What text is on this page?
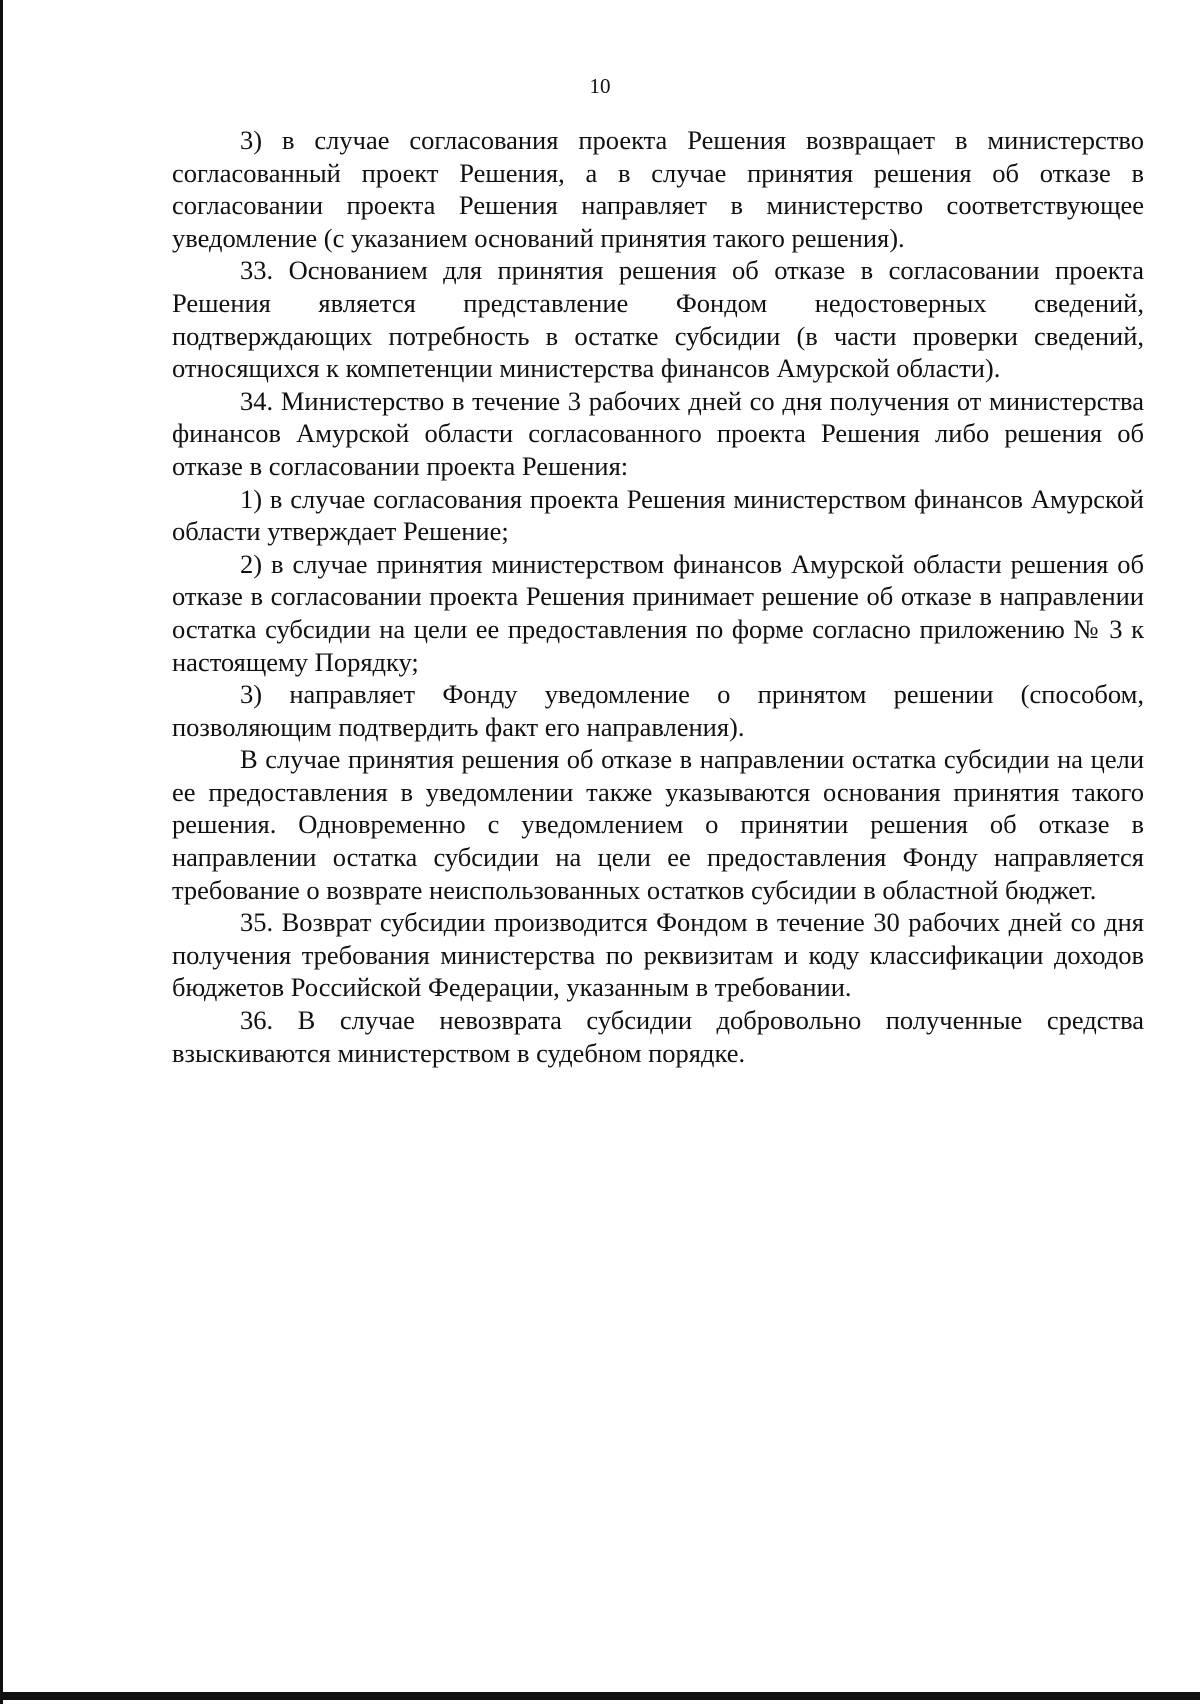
10

3) в случае согласования проекта Решения возвращает в министерство согласованный проект Решения, а в случае принятия решения об отказе в согласовании проекта Решения направляет в министерство соответствующее уведомление (с указанием оснований принятия такого решения).

33. Основанием для принятия решения об отказе в согласовании проекта Решения является представление Фондом недостоверных сведений, подтверждающих потребность в остатке субсидии (в части проверки сведений, относящихся к компетенции министерства финансов Амурской области).

34. Министерство в течение 3 рабочих дней со дня получения от министерства финансов Амурской области согласованного проекта Решения либо решения об отказе в согласовании проекта Решения:

1) в случае согласования проекта Решения министерством финансов Амурской области утверждает Решение;

2) в случае принятия министерством финансов Амурской области решения об отказе в согласовании проекта Решения принимает решение об отказе в направлении остатка субсидии на цели ее предоставления по форме согласно приложению № 3 к настоящему Порядку;

3) направляет Фонду уведомление о принятом решении (способом, позволяющим подтвердить факт его направления).

В случае принятия решения об отказе в направлении остатка субсидии на цели ее предоставления в уведомлении также указываются основания принятия такого решения. Одновременно с уведомлением о принятии решения об отказе в направлении остатка субсидии на цели ее предоставления Фонду направляется требование о возврате неиспользованных остатков субсидии в областной бюджет.

35. Возврат субсидии производится Фондом в течение 30 рабочих дней со дня получения требования министерства по реквизитам и коду классификации доходов бюджетов Российской Федерации, указанным в требовании.

36. В случае невозврата субсидии добровольно полученные средства взыскиваются министерством в судебном порядке.
